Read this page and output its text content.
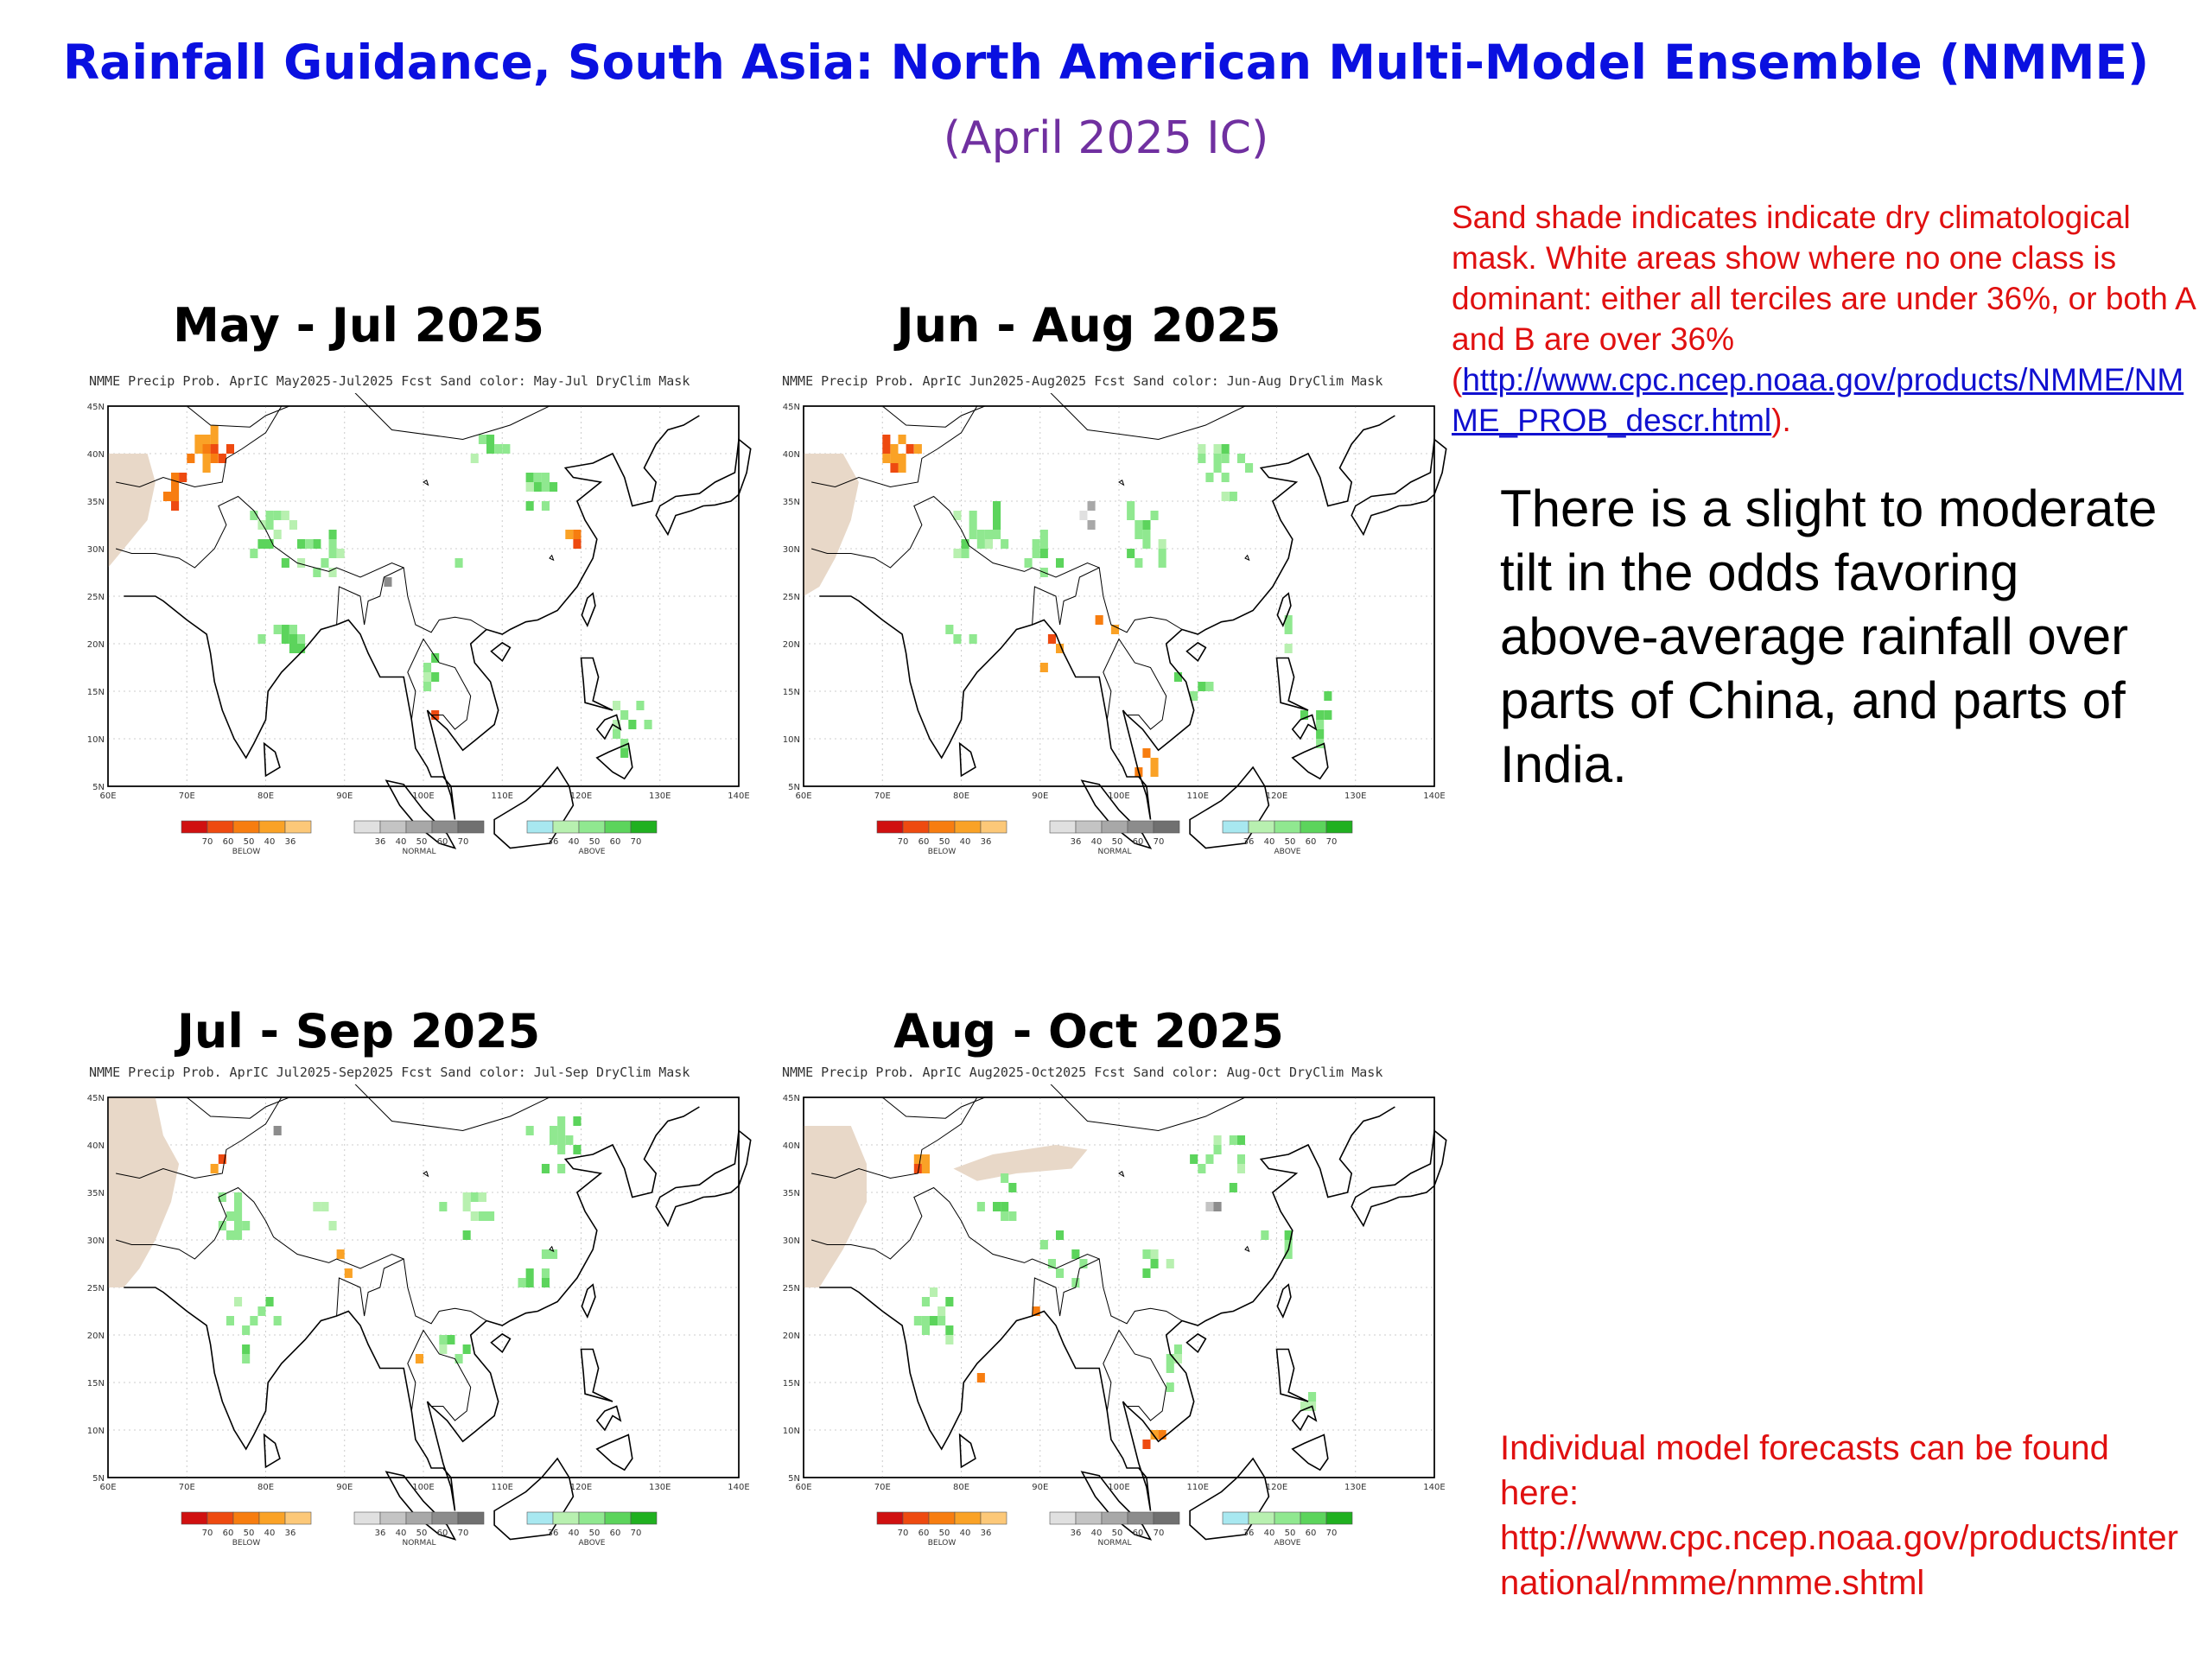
Rainfall Guidance, South Asia: North American Multi-Model Ensemble (NMME)
(April 2025 IC)
May - Jul 2025
NMME Precip Prob. AprIC May2025-Jul2025 Fcst Sand color: May-Jul DryClim Mask
45N
40N
35N
30N
25N
20N
15N
10N
5N
60E	70E	80E	90E	100E	110E	120E	130E	140E
70 60 50 40 36
BELOW
36 40 50 60 70
NORMAL
36 40 50 60 70
ABOVE
Jun - Aug 2025
NMME Precip Prob. AprIC Jun2025-Aug2025 Fcst Sand color: Jun-Aug DryClim Mask
45N
40N
35N
30N
25N
20N
15N
10N
5N
60E	70E	80E	90E	100E	110E	120E	130E	140E
70 60 50 40 36
BELOW
36 40 50 60 70
NORMAL
36 40 50 60 70
ABOVE
Jul - Sep 2025
NMME Precip Prob. AprIC Jul2025-Sep2025 Fcst Sand color: Jul-Sep DryClim Mask
45N
40N
35N
30N
25N
20N
15N
10N
5N
60E	70E	80E	90E	100E	110E	120E	130E	140E
70 60 50 40 36
BELOW
36 40 50 60 70
NORMAL
36 40 50 60 70
ABOVE
Aug - Oct 2025
NMME Precip Prob. AprIC Aug2025-Oct2025 Fcst Sand color: Aug-Oct DryClim Mask
45N
40N
35N
30N
25N
20N
15N
10N
5N
60E	70E	80E	90E	100E	110E	120E	130E	140E
70 60 50 40 36
BELOW
36 40 50 60 70
NORMAL
36 40 50 60 70
ABOVE
Sand shade indicates indicate dry climatological mask. White areas show where no one class is dominant: either all terciles are under 36%, or both A and B are over 36%
(http://www.cpc.ncep.noaa.gov/products/NMME/NMME_PROB_descr.html).
There is a slight to moderate tilt in the odds favoring above-average rainfall over parts of China, and parts of India.
Individual model forecasts can be found here:
http://www.cpc.ncep.noaa.gov/products/international/nmme/nmme.shtml
